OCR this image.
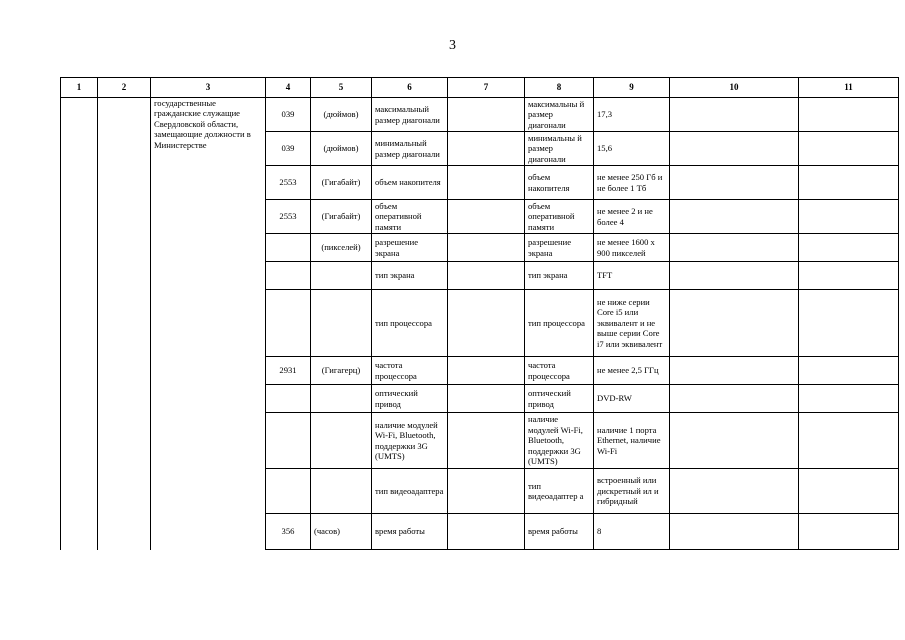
3
1	2	3	4	5	6	7	8	9	10	11
		государственные гражданские служащие Свердловской области, замещающие должности в Министерстве	039	(дюймов)	максимальный размер диагонали		максимальны й размер диагонали	17,3		
			039	(дюймов)	минимальный размер диагонали		минимальны й размер диагонали	15,6		
			2553	(Гигабайт)	объем накопителя		объем накопителя	не менее 250 Гб и не более 1 Тб		
			2553	(Гигабайт)	объем оперативной памяти		объем оперативной памяти	не менее 2 и не более 4		
				(пикселей)	разрешение экрана		разрешение экрана	не менее 1600 x 900 пикселей		
					тип экрана		тип экрана	TFT		
					тип процессора		тип процессора	не ниже серии Core i5 или эквивалент и не выше серии Core i7 или эквивалент		
			2931	(Гигагерц)	частота процессора		частота процессора	не менее 2,5 ГГц		
					оптический привод		оптический привод	DVD-RW		
					наличие модулей Wi-Fi, Bluetooth, поддержки 3G (UMTS)		наличие модулей Wi-Fi, Bluetooth, поддержки 3G (UMTS)	наличие 1 порта Ethernet, наличие Wi-Fi		
					тип видеоадаптера		тип видеоадаптер а	встроенный или дискретный ил и гибридный		
			356	(часов)	время работы		время работы	8		
